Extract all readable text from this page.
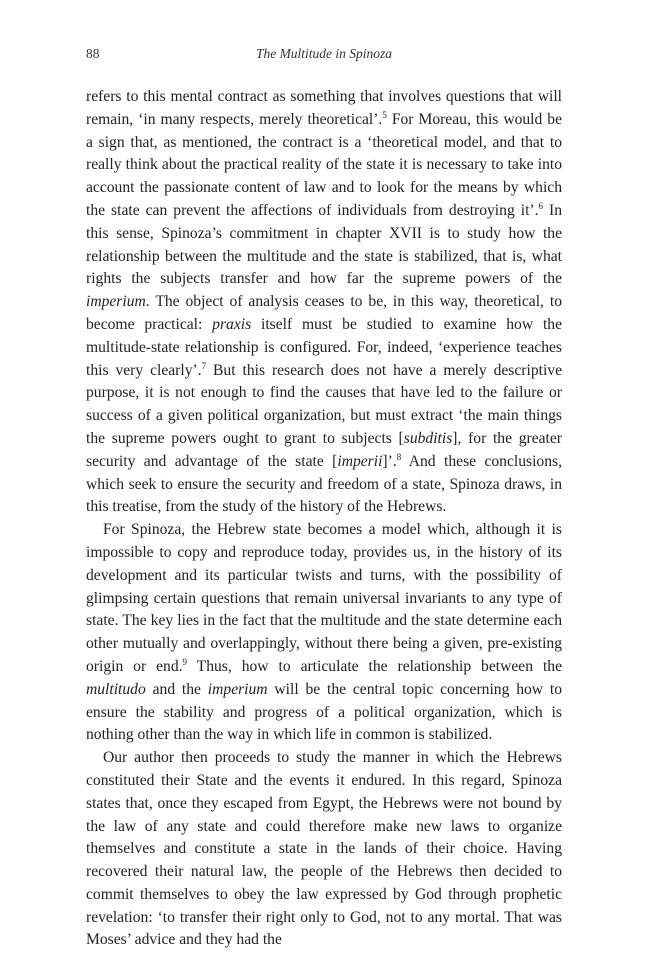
88	The Multitude in Spinoza

refers to this mental contract as something that involves questions that will remain, ‘in many respects, merely theoretical’.$^5$ For Moreau, this would be a sign that, as mentioned, the contract is a ‘theoretical model, and that to really think about the practical reality of the state it is necessary to take into account the passionate content of law and to look for the means by which the state can prevent the affections of individuals from destroying it’.$^6$ In this sense, Spinoza’s commitment in chapter XVII is to study how the relationship between the multitude and the state is stabilized, that is, what rights the subjects transfer and how far the supreme powers of the imperium. The object of analysis ceases to be, in this way, theoretical, to become practical: praxis itself must be studied to examine how the multitude-state relationship is configured. For, indeed, ‘experience teaches this very clearly’.$^7$ But this research does not have a merely descriptive purpose, it is not enough to find the causes that have led to the failure or success of a given political organization, but must extract ‘the main things the supreme powers ought to grant to subjects [subditis], for the greater security and advantage of the state [imperii]’.$^8$ And these conclusions, which seek to ensure the security and freedom of a state, Spinoza draws, in this treatise, from the study of the history of the Hebrews.

For Spinoza, the Hebrew state becomes a model which, although it is impossible to copy and reproduce today, provides us, in the history of its development and its particular twists and turns, with the possibility of glimpsing certain questions that remain universal invariants to any type of state. The key lies in the fact that the multitude and the state determine each other mutually and overlappingly, without there being a given, pre-existing origin or end.$^9$ Thus, how to articulate the relationship between the multitudo and the imperium will be the central topic concerning how to ensure the stability and progress of a political organization, which is nothing other than the way in which life in common is stabilized.

Our author then proceeds to study the manner in which the Hebrews constituted their State and the events it endured. In this regard, Spinoza states that, once they escaped from Egypt, the Hebrews were not bound by the law of any state and could therefore make new laws to organize themselves and constitute a state in the lands of their choice. Having recovered their natural law, the people of the Hebrews then decided to commit themselves to obey the law expressed by God through prophetic revelation: ‘to transfer their right only to God, not to any mortal. That was Moses’ advice and they had the
